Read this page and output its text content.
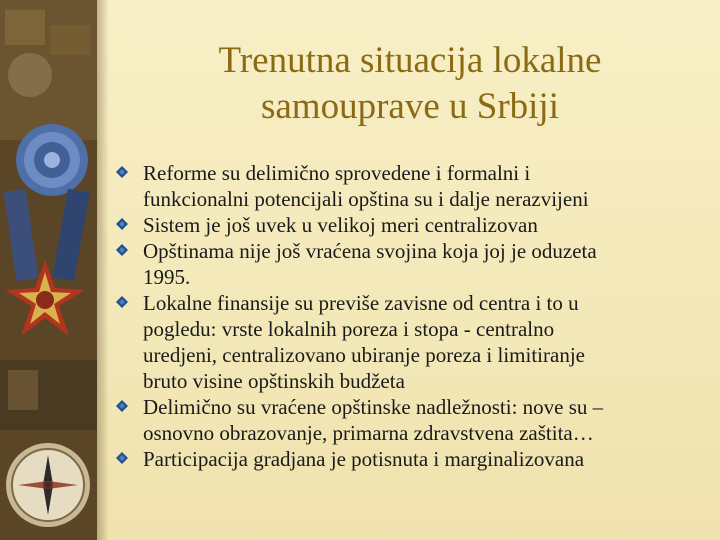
Trenutna situacija lokalne
samouprave u Srbiji
Reforme su delimično sprovedene i formalni i
funkcionalni potencijali opština su i dalje nerazvijeni
Sistem je još uvek u velikoj meri centralizovan
Opštinama nije još vraćena svojina koja joj je oduzeta
1995.
Lokalne finansije su previše zavisne od centra i to u
pogledu: vrste lokalnih poreza i stopa - centralno
uredjeni, centralizovano ubiranje poreza i limitiranje
bruto visine opštinskih budžeta
Delimično su vraćene opštinske nadležnosti: nove su –
osnovno obrazovanje, primarna zdravstvena zaštita…
Participacija gradjana je potisnuta i marginalizovana
